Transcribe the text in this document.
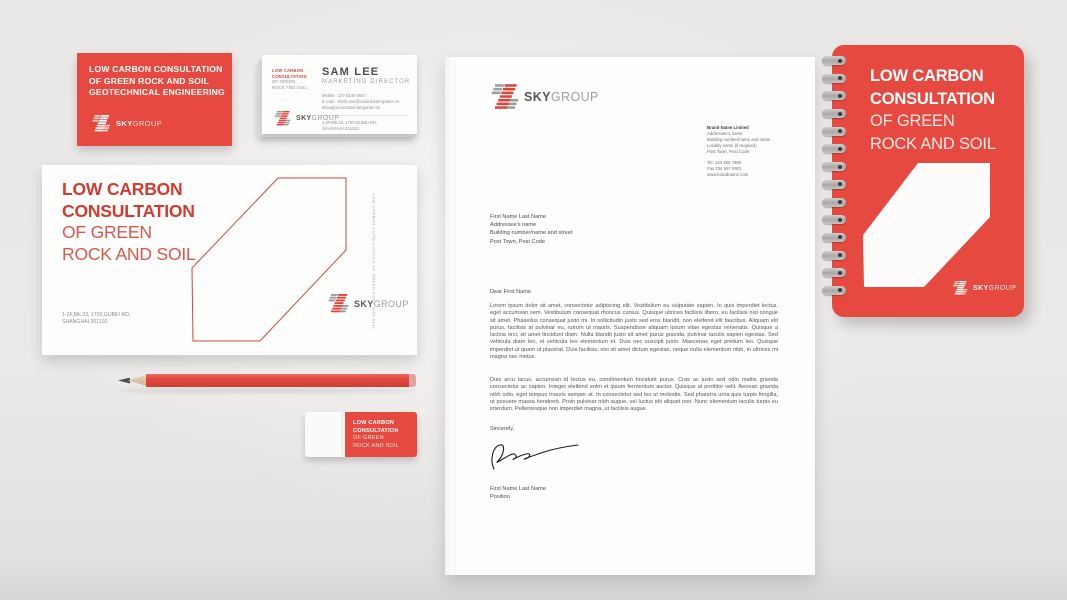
LOW CARBON CONSULTATION
OF GREEN ROCK AND SOIL
GEOTECHNICAL ENGINEERING
SKYGROUP
LOW CARBON
CONSULTATION
OF GREEN
ROCK AND SOIL
SAM LEE
MARKETING DIRECTOR
Mobile : 137 6140 8847
E-mail : shelly.wei@luctonkindergarten.cn
shanghai.luctonkindergarten.cn
SKYGROUP
1-2F,Blk.33, 1700,GUBEI RD,
SHANGHAI 201103
LOW CARBON
CONSULTATION
OF GREEN
ROCK AND SOIL
1-2F,Blk.33, 1700,GUBEI RD,
SHANGHAI 201103
SKYGROUP
LOW CARBON CONSULTATION OF GREEN ROCK AND SOIL
SKYGROUP
Brand Name Limited
Addressee's name
Building number/name and street
Locality name (if required)
Post Town, Post Code
Tel: 123 456 7890
Fax 234 567 8901
www.brandname.com
First Name Last Name
Addressee's name
Building number/name and street
Post Town, Post Code
Dear First Name
Lorem ipsum dolor sit amet, consectetur adipiscing elit. Vestibulum eu vulputate sapien. In quis imperdiet lectus, eget accumsan sem. Vestibulum consequat rhoncus cursus. Quisque ultrices facilisis libero, eu facilisis nisl congue sit amet. Phasellus consequat justo mi. In sollicitudin justo sed eros blandit, non eleifend elit faucibus. Aliquam elit purus, facilisis at pulvinar eu, rutrum ut mauris. Suspendisse aliquam ipsum vitae egestas venenatis. Quisque a lacinia orci, sit amet tincidunt diam. Nulla blandit justo sit amet purus gravida, pulvinar iaculis sapien egestas. Sed vehicula diam leo, et vehicula leo elementum et. Duis nec suscipit justo. Maecenas eget pretium leo. Quisque imperdiet ut quam ut placerat. Duis facilisis, nisi sit amet dictum egestas, neque nulla elementum nibh, in ultrices mi magna nec metus.
Duis arcu lacus, accumsan id lectus eu, condimentum tincidunt purus. Cras ac justo sed odio mattis gravida consectetur ac sapien. Integer eleifend enim et ipsum fermentum auctor. Quisque at porttitor velit. Aenean gravida nibh odio, eget tempus mauris semper at. In consectetur sed leo ut molestie. Sed pharetra urna quis turpis fringilla, ut posuere massa hendrerit. Proin pulvinar nibh augue, vel luctus elit aliquet non. Nunc elementum iaculis turpis eu interdum. Pellentesque non imperdiet magna, ut facilisis augue.
Sincerely,
First Name Last Name
Position
LOW CARBON
CONSULTATION
OF GREEN
ROCK AND SOIL
SKYGROUP
LOW CARBON
CONSULTATION
OF GREEN
ROCK AND SOIL
